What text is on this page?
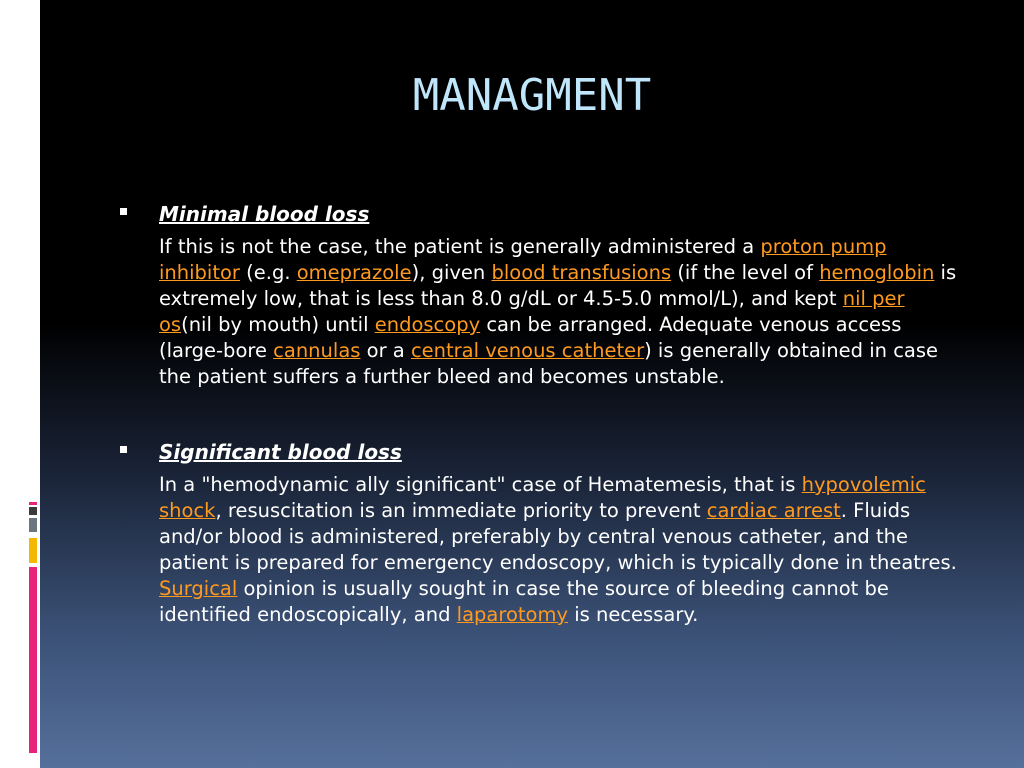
MANAGMENT
Minimal blood loss
If this is not the case, the patient is generally administered a proton pump inhibitor (e.g. omeprazole), given blood transfusions (if the level of hemoglobin is extremely low, that is less than 8.0 g/dL or 4.5-5.0 mmol/L), and kept nil per os(nil by mouth) until endoscopy can be arranged. Adequate venous access (large-bore cannulas or a central venous catheter) is generally obtained in case the patient suffers a further bleed and becomes unstable.
Significant blood loss
In a "hemodynamic ally significant" case of Hematemesis, that is hypovolemic shock, resuscitation is an immediate priority to prevent cardiac arrest. Fluids and/or blood is administered, preferably by central venous catheter, and the patient is prepared for emergency endoscopy, which is typically done in theatres. Surgical opinion is usually sought in case the source of bleeding cannot be identified endoscopically, and laparotomy is necessary.
